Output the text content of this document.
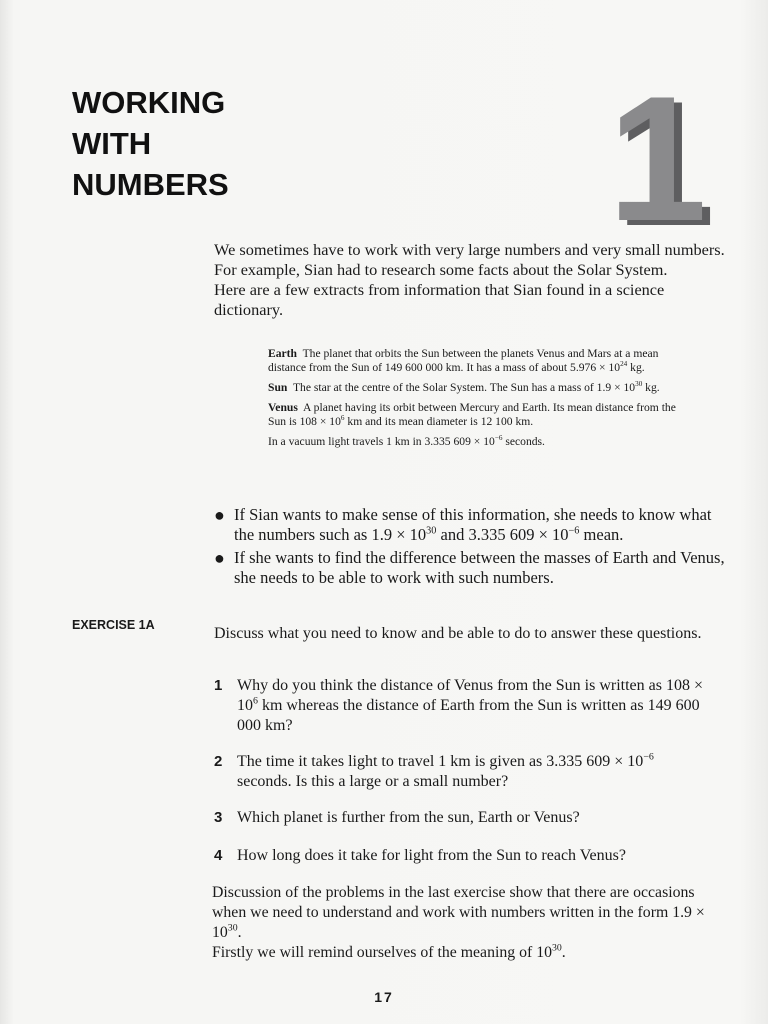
WORKING
WITH
NUMBERS 1

We sometimes have to work with very large numbers and very small numbers. For example, Sian had to research some facts about the Solar System.

Here are a few extracts from information that Sian found in a science dictionary.

Earth The planet that orbits the Sun between the planets Venus and Mars at a mean distance from the Sun of 149 600 000 km. It has a mass of about $5.976 \times 10^{24}$ kg.
Sun The star at the centre of the Solar System. The Sun has a mass of $1.9 \times 10^{30}$ kg.
Venus A planet having its orbit between Mercury and Earth. Its mean distance from the Sun is $108 \times 10^6$ km and its mean diameter is 12 100 km.
In a vacuum light travels 1 km in 3.335 $609 \times 10^{-6}$ seconds.
● If Sian wants to make sense of this information, she needs to know what the numbers such as $1.9 \times 10^{30}$ and 3.335 $609 \times 10^{-6}$ mean.
● If she wants to find the difference between the masses of Earth and Venus, she needs to be able to work with such numbers.
EXERCISE 1A	Discuss what you need to know and be able to do to answer these questions.
1 Why do you think the distance of Venus from the Sun is written as $108 \times 10^6$ km whereas the distance of Earth from the Sun is written as 149 600 000 km?
2 The time it takes light to travel 1 km is given as 3.335 $609 \times 10^{-6}$ seconds. Is this a large or a small number?
3 Which planet is further from the sun, Earth or Venus?
4 How long does it take for light from the Sun to reach Venus?

Discussion of the problems in the last exercise show that there are occasions when we need to understand and work with numbers written in the form $1.9 \times 10^{30}$.

Firstly we will remind ourselves of the meaning of $10^{30}$.

17
